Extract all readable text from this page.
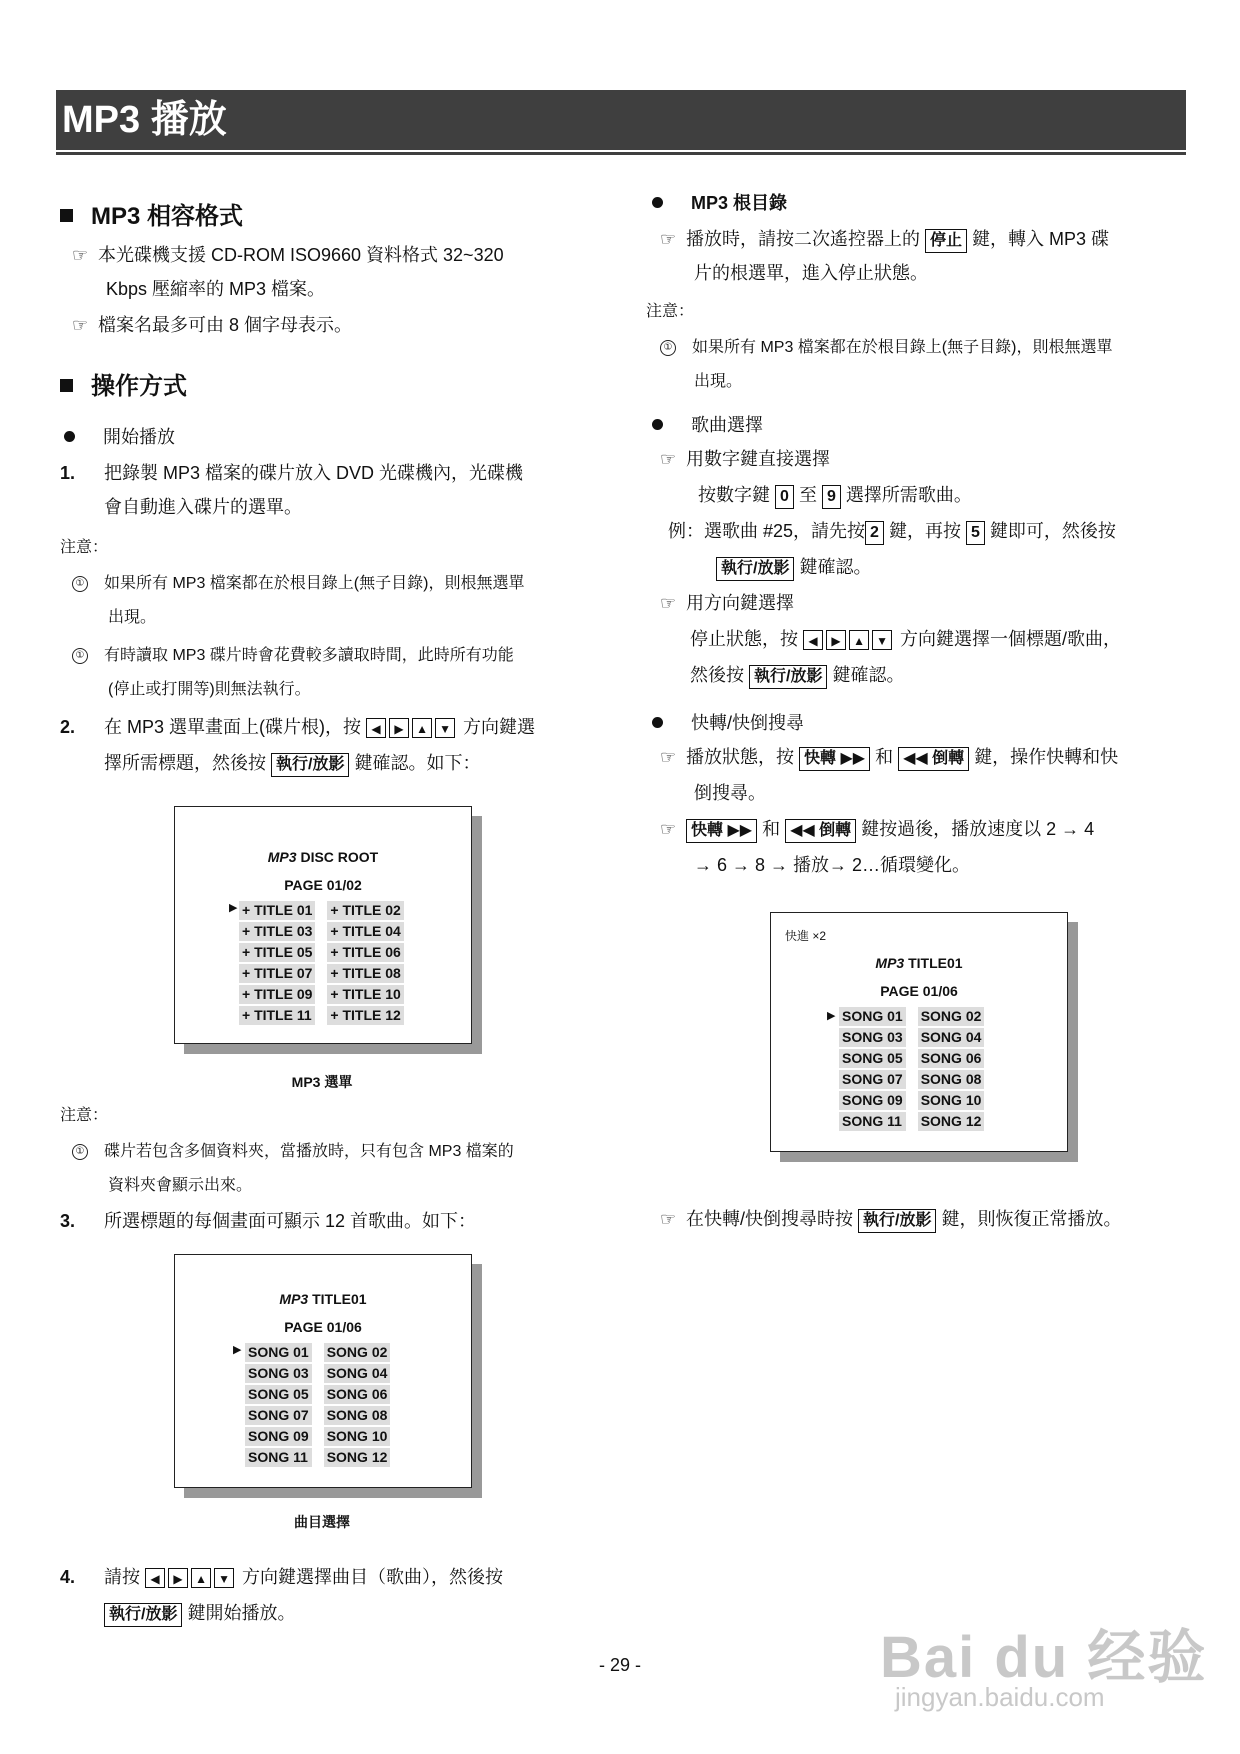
MP3 播放
MP3 相容格式
☞ 本光碟機支援 CD-ROM ISO9660 資料格式 32~320
Kbps 壓縮率的 MP3 檔案。
☞ 檔案名最多可由 8 個字母表示。
操作方式
開始播放
1. 把錄製 MP3 檔案的碟片放入 DVD 光碟機內，光碟機
會自動進入碟片的選單。
注意：
① 如果所有 MP3 檔案都在於根目錄上(無子目錄)，則根無選單
出現。
① 有時讀取 MP3 碟片時會花費較多讀取時間，此時所有功能
(停止或打開等)則無法執行。
2. 在 MP3 選單畫面上(碟片根)，按 ◀ ▶ ▲ ▼ 方向鍵選
擇所需標題，然後按 執行/放影 鍵確認。如下：
MP3 DISC ROOT
PAGE 01/02
▶ + TITLE 01 + TITLE 02
+ TITLE 03 + TITLE 04
+ TITLE 05 + TITLE 06
+ TITLE 07 + TITLE 08
+ TITLE 09 + TITLE 10
+ TITLE 11 + TITLE 12
MP3 選單
注意：
① 碟片若包含多個資料夾，當播放時，只有包含 MP3 檔案的
資料夾會顯示出來。
3. 所選標題的每個畫面可顯示 12 首歌曲。如下：
MP3 TITLE01
PAGE 01/06
▶ SONG 01 SONG 02
SONG 03 SONG 04
SONG 05 SONG 06
SONG 07 SONG 08
SONG 09 SONG 10
SONG 11 SONG 12
曲目選擇
4. 請按 ◀ ▶ ▲ ▼ 方向鍵選擇曲目（歌曲），然後按
執行/放影 鍵開始播放。
MP3 根目錄
☞ 播放時，請按二次遙控器上的 停止 鍵，轉入 MP3 碟
片的根選單，進入停止狀態。
注意：
① 如果所有 MP3 檔案都在於根目錄上(無子目錄)，則根無選單
出現。
歌曲選擇
☞ 用數字鍵直接選擇
按數字鍵 0 至 9 選擇所需歌曲。
例：選歌曲 #25，請先按 2 鍵，再按 5 鍵即可，然後按
執行/放影 鍵確認。
☞ 用方向鍵選擇
停止狀態，按 ◀ ▶ ▲ ▼ 方向鍵選擇一個標題/歌曲，
然後按 執行/放影 鍵確認。
快轉/快倒搜尋
☞ 播放狀態，按 快轉 ▶▶ 和 ◀◀ 倒轉 鍵，操作快轉和快
倒搜尋。
☞ 快轉 ▶▶ 和 ◀◀ 倒轉 鍵按過後，播放速度以 2 → 4
→ 6 → 8 → 播放→ 2…循環變化。
快進 ×2
MP3 TITLE01
PAGE 01/06
▶ SONG 01 SONG 02
SONG 03 SONG 04
SONG 05 SONG 06
SONG 07 SONG 08
SONG 09 SONG 10
SONG 11 SONG 12
☞ 在快轉/快倒搜尋時按 執行/放影 鍵，則恢復正常播放。
- 29 -	Bai du 经验
jingyan.baidu.com
